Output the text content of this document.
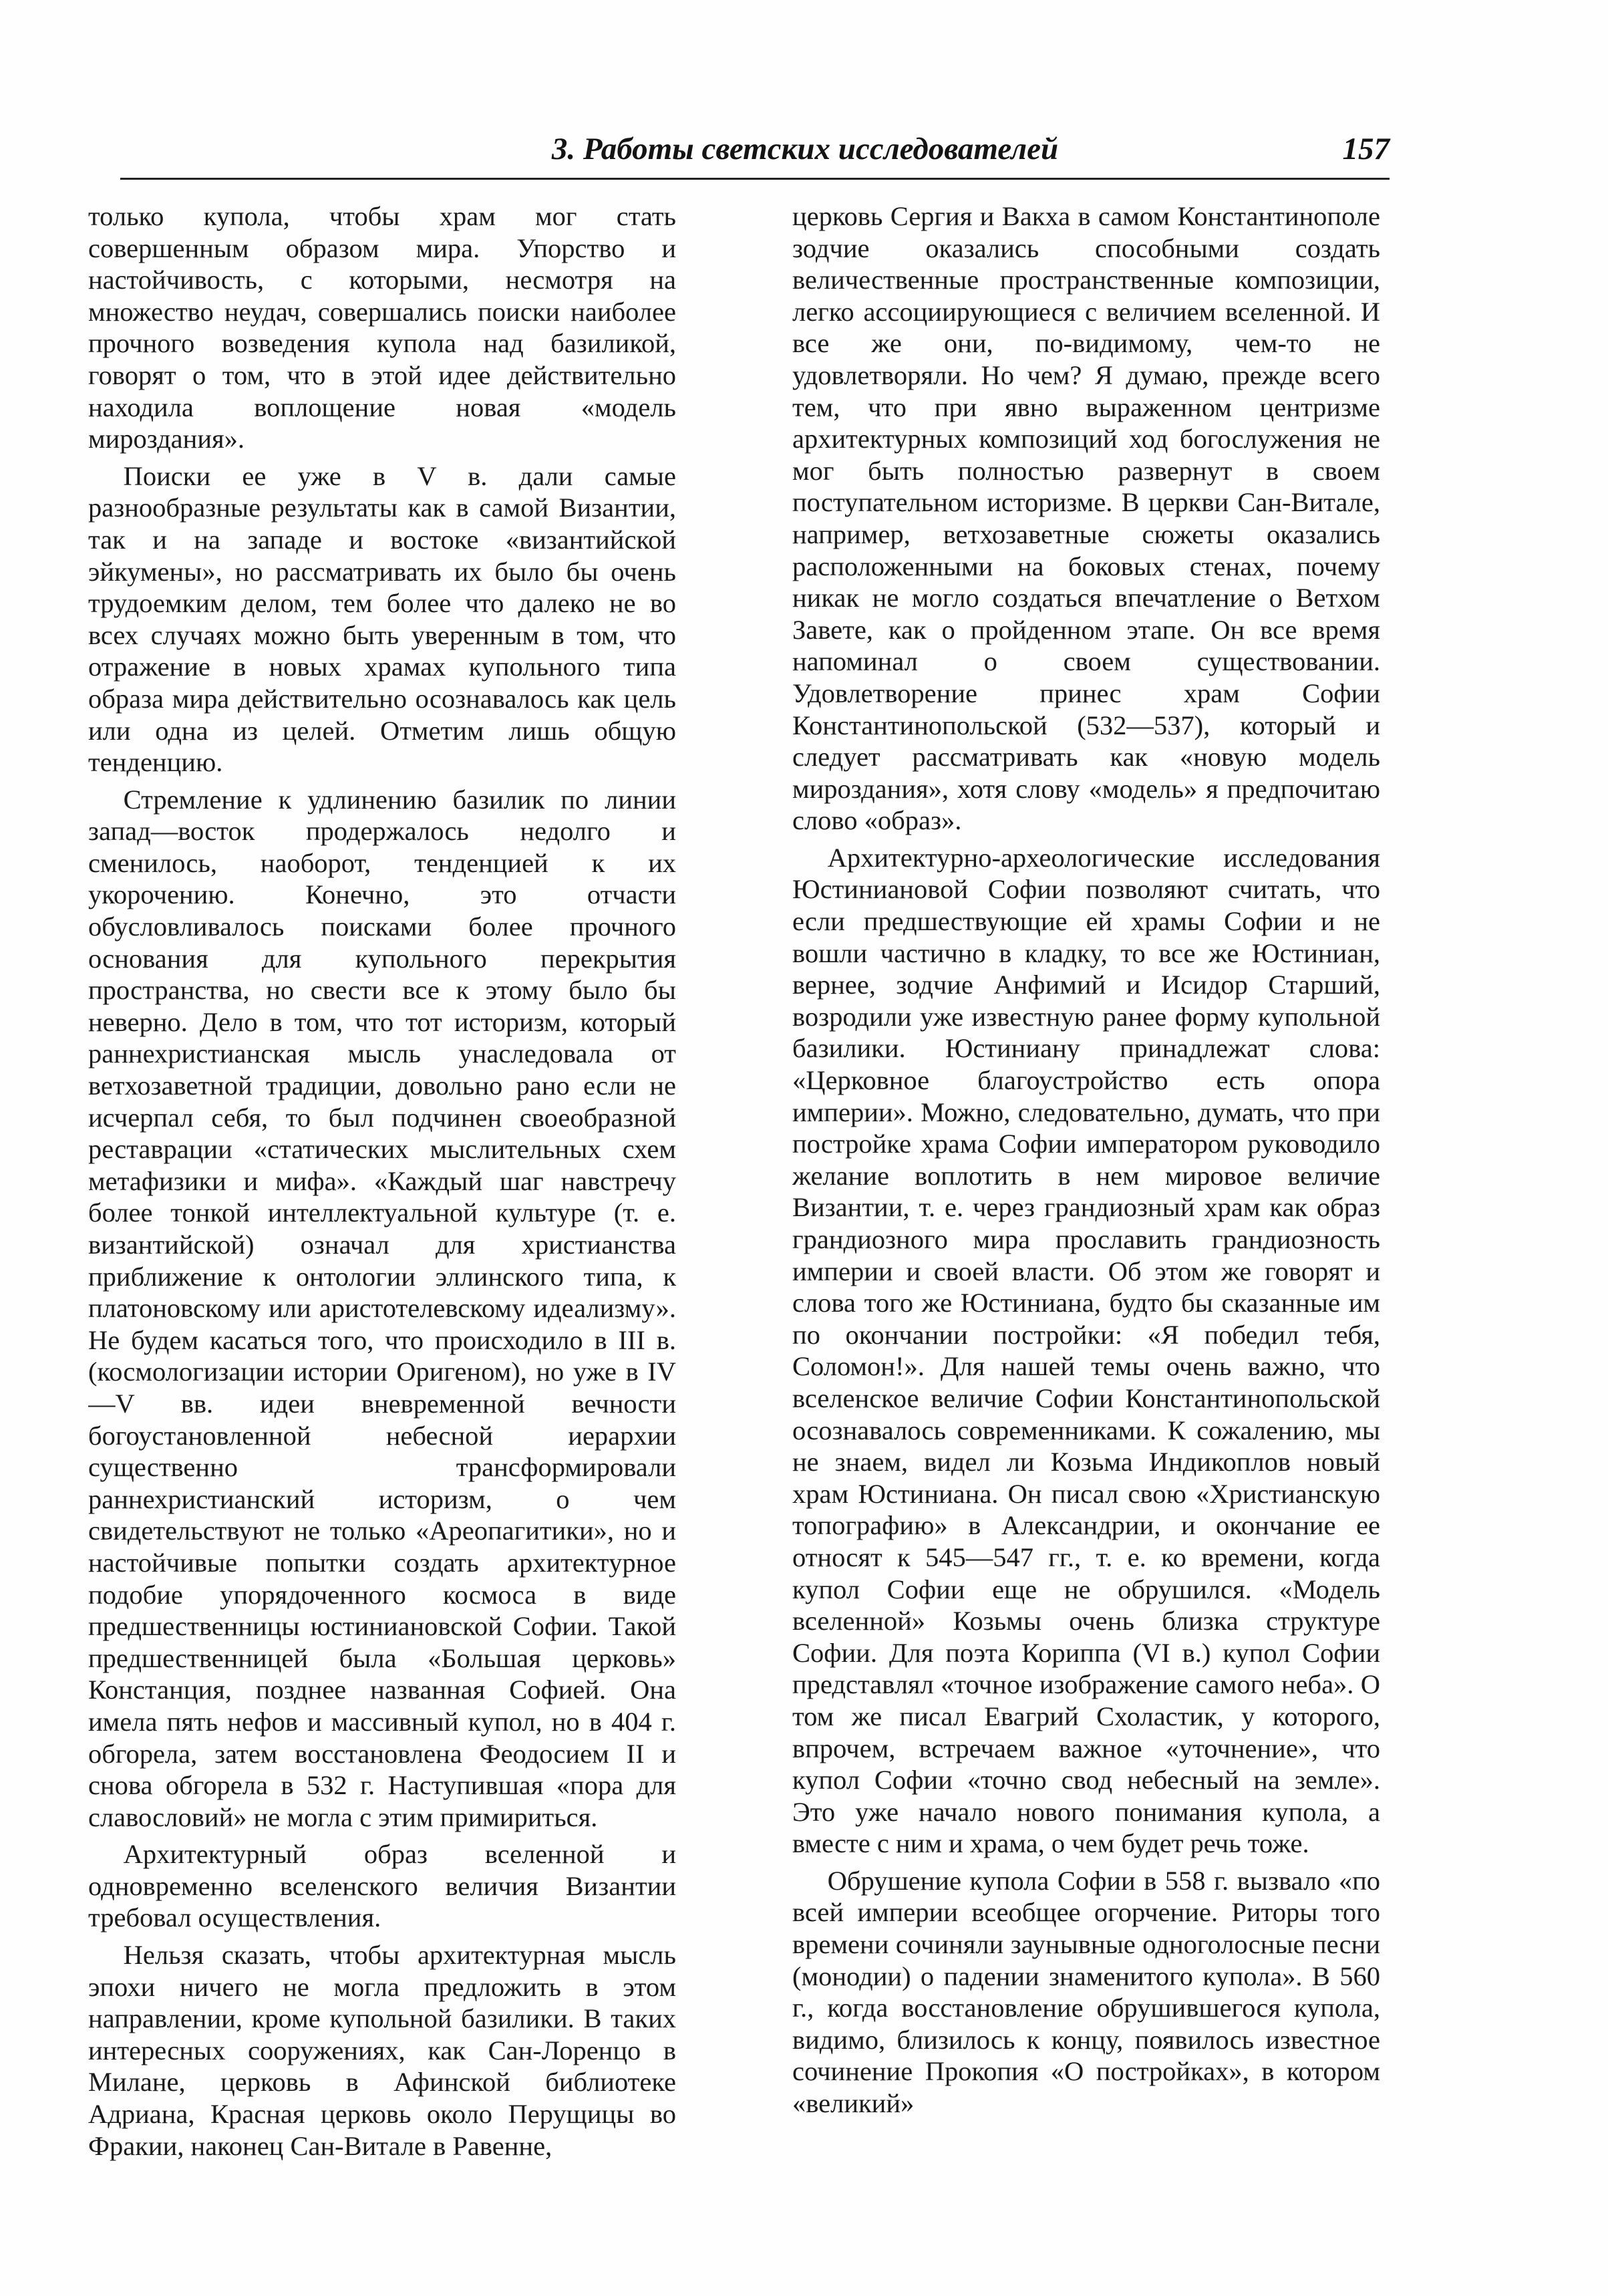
3. Работы светских исследователей	157

только купола, чтобы храм мог стать совершенным образом мира. Упорство и настойчивость, с которыми, несмотря на множество неудач, совершались поиски наиболее прочного возведения купола над базиликой, говорят о том, что в этой идее действительно находила воплощение новая «модель мироздания».

Поиски ее уже в V в. дали самые разнообразные результаты как в самой Византии, так и на западе и востоке «византийской эйкумены», но рассматривать их было бы очень трудоемким делом, тем более что далеко не во всех случаях можно быть уверенным в том, что отражение в новых храмах купольного типа образа мира действительно осознавалось как цель или одна из целей. Отметим лишь общую тенденцию.

Стремление к удлинению базилик по линии запад—восток продержалось недолго и сменилось, наоборот, тенденцией к их укорочению. Конечно, это отчасти обусловливалось поисками более прочного основания для купольного перекрытия пространства, но свести все к этому было бы неверно. Дело в том, что тот историзм, который раннехристианская мысль унаследовала от ветхозаветной традиции, довольно рано если не исчерпал себя, то был подчинен своеобразной реставрации «статических мыслительных схем метафизики и мифа». «Каждый шаг навстречу более тонкой интеллектуальной культуре (т. е. византийской) означал для христианства приближение к онтологии эллинского типа, к платоновскому или аристотелевскому идеализму». Не будем касаться того, что происходило в III в. (космологизации истории Оригеном), но уже в IV—V вв. идеи вневременной вечности богоустановленной небесной иерархии существенно трансформировали раннехристианский историзм, о чем свидетельствуют не только «Ареопагитики», но и настойчивые попытки создать архитектурное подобие упорядоченного космоса в виде предшественницы юстиниановской Софии. Такой предшественницей была «Большая церковь» Констанция, позднее названная Софией. Она имела пять нефов и массивный купол, но в 404 г. обгорела, затем восстановлена Феодосием II и снова обгорела в 532 г. Наступившая «пора для славословий» не могла с этим примириться.

Архитектурный образ вселенной и одновременно вселенского величия Византии требовал осуществления.

Нельзя сказать, чтобы архитектурная мысль эпохи ничего не могла предложить в этом направлении, кроме купольной базилики. В таких интересных сооружениях, как Сан-Лоренцо в Милане, церковь в Афинской библиотеке Адриана, Красная церковь около Перущицы во Фракии, наконец Сан-Витале в Равенне,

церковь Сергия и Вакха в самом Константинополе зодчие оказались способными создать величественные пространственные композиции, легко ассоциирующиеся с величием вселенной. И все же они, по-видимому, чем-то не удовлетворяли. Но чем? Я думаю, прежде всего тем, что при явно выраженном центризме архитектурных композиций ход богослужения не мог быть полностью развернут в своем поступательном историзме. В церкви Сан-Витале, например, ветхозаветные сюжеты оказались расположенными на боковых стенах, почему никак не могло создаться впечатление о Ветхом Завете, как о пройденном этапе. Он все время напоминал о своем существовании. Удовлетворение принес храм Софии Константинопольской (532—537), который и следует рассматривать как «новую модель мироздания», хотя слову «модель» я предпочитаю слово «образ».

Архитектурно-археологические исследования Юстиниановой Софии позволяют считать, что если предшествующие ей храмы Софии и не вошли частично в кладку, то все же Юстиниан, вернее, зодчие Анфимий и Исидор Старший, возродили уже известную ранее форму купольной базилики. Юстиниану принадлежат слова: «Церковное благоустройство есть опора империи». Можно, следовательно, думать, что при постройке храма Софии императором руководило желание воплотить в нем мировое величие Византии, т. е. через грандиозный храм как образ грандиозного мира прославить грандиозность империи и своей власти. Об этом же говорят и слова того же Юстиниана, будто бы сказанные им по окончании постройки: «Я победил тебя, Соломон!». Для нашей темы очень важно, что вселенское величие Софии Константинопольской осознавалось современниками. К сожалению, мы не знаем, видел ли Козьма Индикоплов новый храм Юстиниана. Он писал свою «Христианскую топографию» в Александрии, и окончание ее относят к 545—547 гг., т. е. ко времени, когда купол Софии еще не обрушился. «Модель вселенной» Козьмы очень близка структуре Софии. Для поэта Кориппа (VI в.) купол Софии представлял «точное изображение самого неба». О том же писал Евагрий Схоластик, у которого, впрочем, встречаем важное «уточнение», что купол Софии «точно свод небесный на земле». Это уже начало нового понимания купола, а вместе с ним и храма, о чем будет речь тоже.

Обрушение купола Софии в 558 г. вызвало «по всей империи всеобщее огорчение. Риторы того времени сочиняли заунывные одноголосные песни (монодии) о падении знаменитого купола». В 560 г., когда восстановление обрушившегося купола, видимо, близилось к концу, появилось известное сочинение Прокопия «О постройках», в котором «великий»
